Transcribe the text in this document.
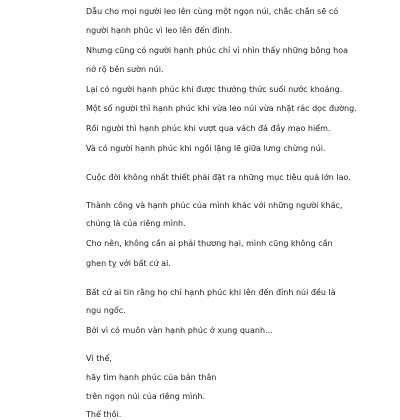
Dẫu cho mọi người leo lên cùng một ngọn núi, chắc chắn sẽ có

người hạnh phúc vì leo lên đến đỉnh.

Nhưng cũng có người hạnh phúc chỉ vì nhìn thấy những bông hoa

nở rộ bên sườn núi.

Lại có người hạnh phúc khi được thưởng thức suối nước khoáng.

Một số người thì hạnh phúc khi vừa leo núi vừa nhặt rác dọc đường.

Rồi người thì hạnh phúc khi vượt qua vách đá đầy mạo hiểm.

Và có người hạnh phúc khi ngồi lặng lẽ giữa lưng chừng núi.

Cuộc đời không nhất thiết phải đặt ra những mục tiêu quá lớn lao.

Thành công và hạnh phúc của mình khác với những người khác,

chúng là của riêng mình.

Cho nên, không cần ai phải thương hại, mình cũng không cần

ghen tỵ với bất cứ ai.

Bất cứ ai tin rằng họ chỉ hạnh phúc khi lên đến đỉnh núi đều là

ngu ngốc.

Bởi vì có muôn vàn hạnh phúc ở xung quanh...

Vì thế,

hãy tìm hạnh phúc của bản thân

trên ngọn núi của riêng mình.

Thế thôi.
